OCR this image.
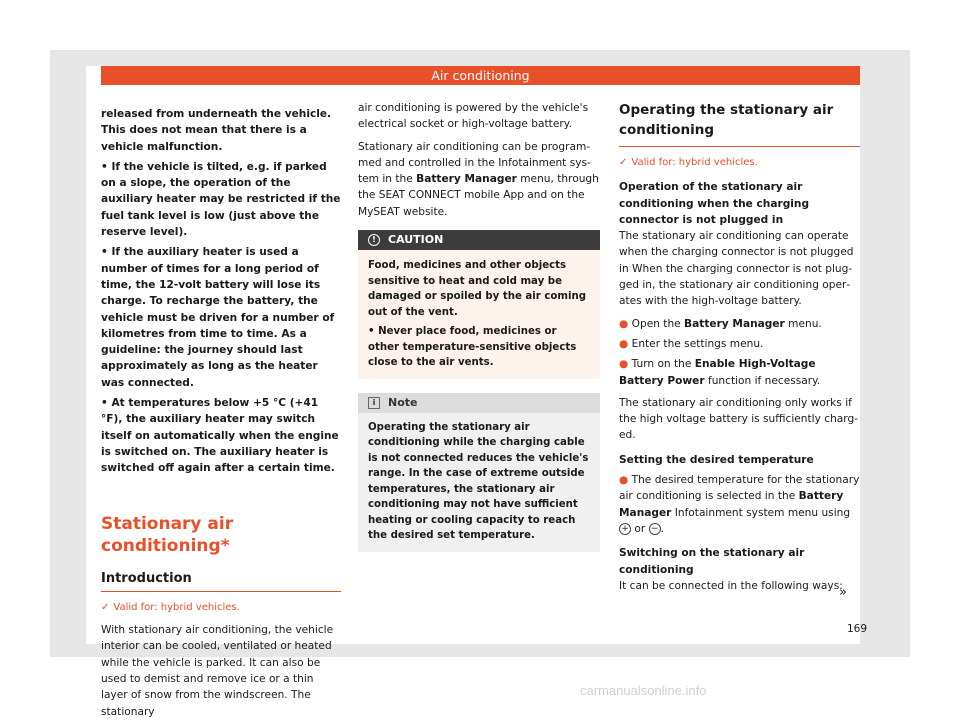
Air conditioning

released from underneath the vehicle. This does not mean that there is a vehicle malfunction.

• If the vehicle is tilted, e.g. if parked on a slope, the operation of the auxiliary heater may be restricted if the fuel tank level is low (just above the reserve level).

• If the auxiliary heater is used a number of times for a long period of time, the 12-volt battery will lose its charge. To recharge the battery, the vehicle must be driven for a number of kilometres from time to time. As a guideline: the journey should last approximately as long as the heater was connected.

• At temperatures below +5 °C (+41 °F), the auxiliary heater may switch itself on automatically when the engine is switched on. The auxiliary heater is switched off again after a certain time.

Stationary air conditioning*
Introduction
✓ Valid for: hybrid vehicles.

With stationary air conditioning, the vehicle interior can be cooled, ventilated or heated while the vehicle is parked. It can also be used to demist and remove ice or a thin layer of snow from the windscreen. The stationary

air conditioning is powered by the vehicle's electrical socket or high-voltage battery.

Stationary air conditioning can be programmed and controlled in the Infotainment system in the Battery Manager menu, through the SEAT CONNECT mobile App and on the MySEAT website.

! CAUTION

Food, medicines and other objects sensitive to heat and cold may be damaged or spoiled by the air coming out of the vent.

• Never place food, medicines or other temperature-sensitive objects close to the air vents.

i Note

Operating the stationary air conditioning while the charging cable is not connected reduces the vehicle's range. In the case of extreme outside temperatures, the stationary air conditioning may not have sufficient heating or cooling capacity to reach the desired set temperature.

Operating the stationary air conditioning
✓ Valid for: hybrid vehicles.

Operation of the stationary air conditioning when the charging connector is not plugged in

The stationary air conditioning can operate when the charging connector is not plugged in When the charging connector is not plugged in, the stationary air conditioning operates with the high-voltage battery.

● Open the Battery Manager menu.

● Enter the settings menu.

● Turn on the Enable High-Voltage Battery Power function if necessary.

The stationary air conditioning only works if the high voltage battery is sufficiently charged.

Setting the desired temperature

● The desired temperature for the stationary air conditioning is selected in the Battery Manager Infotainment system menu using + or − .

Switching on the stationary air conditioning

It can be connected in the following ways:

»
169
carmanualsonline.info
